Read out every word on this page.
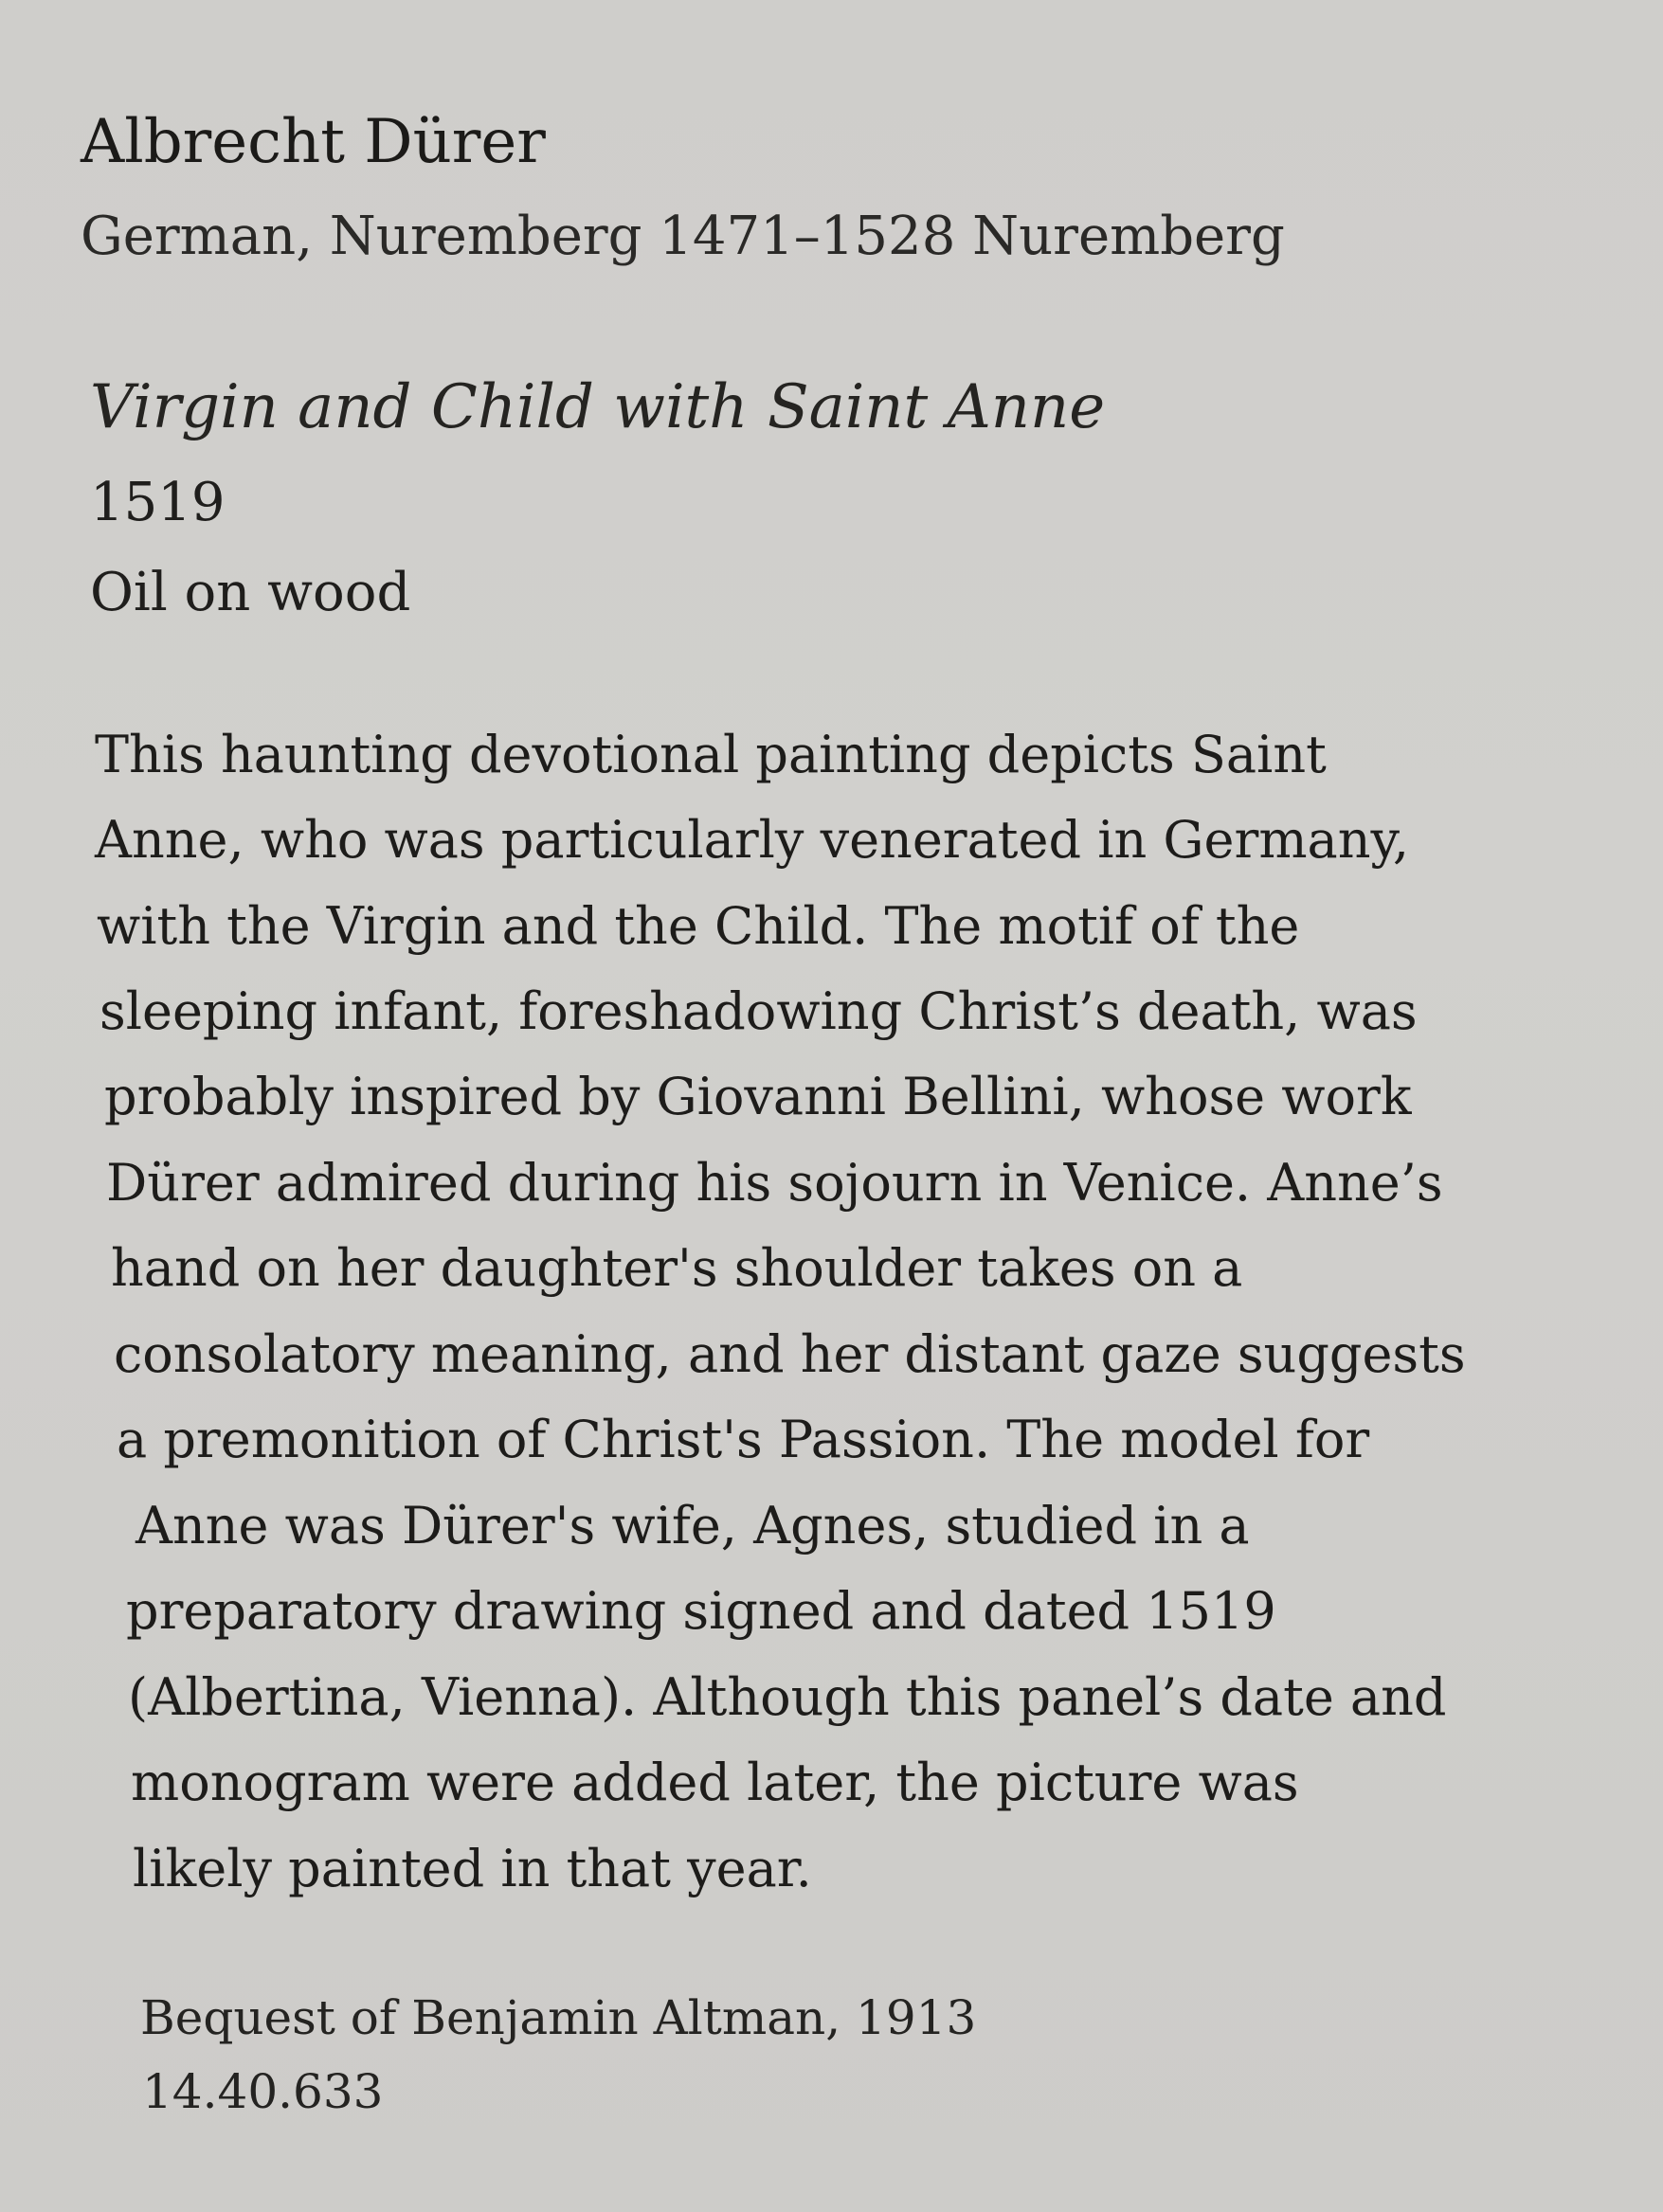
Albrecht Dürer
German, Nuremberg 1471–1528 Nuremberg
Virgin and Child with Saint Anne
1519
Oil on wood
This haunting devotional painting depicts Saint
Anne, who was particularly venerated in Germany,
with the Virgin and the Child. The motif of the
sleeping infant, foreshadowing Christ’s death, was
probably inspired by Giovanni Bellini, whose work
Dürer admired during his sojourn in Venice. Anne’s
hand on her daughter's shoulder takes on a
consolatory meaning, and her distant gaze suggests
a premonition of Christ's Passion. The model for
Anne was Dürer's wife, Agnes, studied in a
preparatory drawing signed and dated 1519
(Albertina, Vienna). Although this panel’s date and
monogram were added later, the picture was
likely painted in that year.
Bequest of Benjamin Altman, 1913
14.40.633
